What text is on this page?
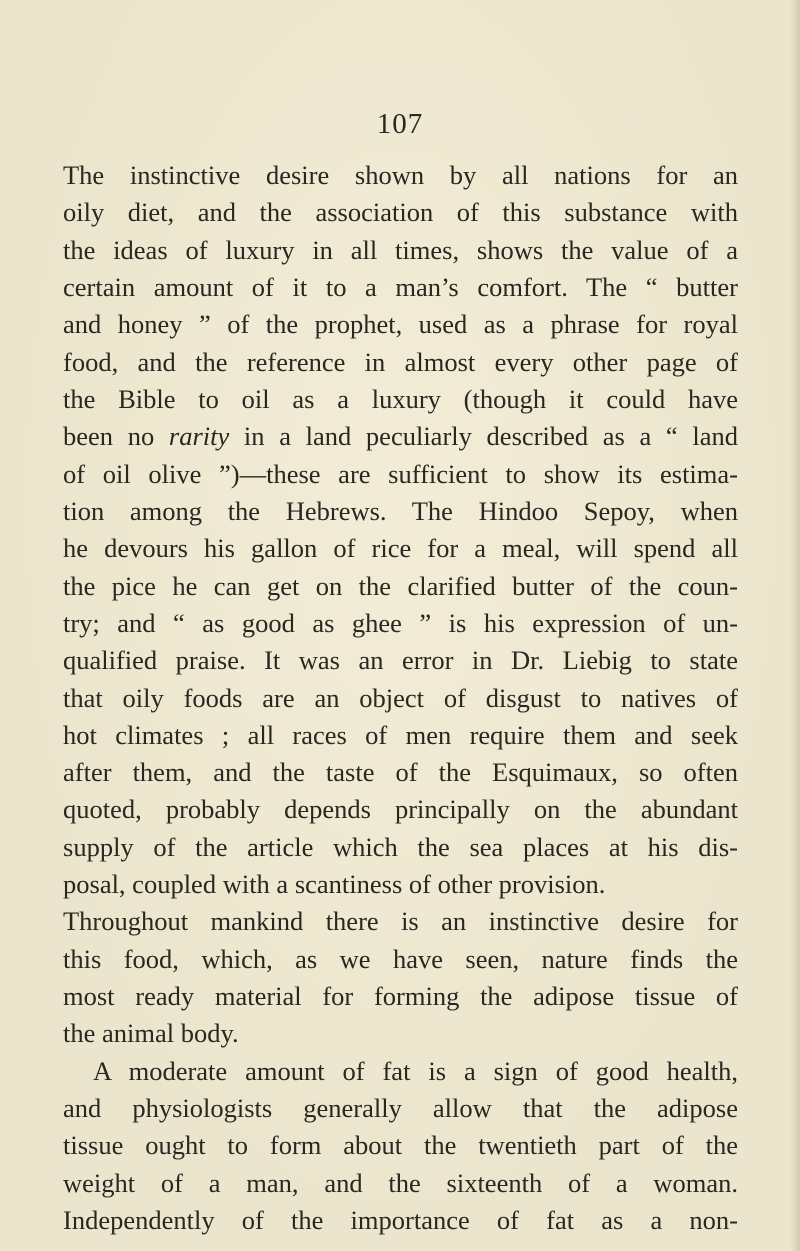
107
The instinctive desire shown by all nations for an
oily diet, and the association of this substance with
the ideas of luxury in all times, shows the value of a
certain amount of it to a man’s comfort. The “ butter
and honey ” of the prophet, used as a phrase for royal
food, and the reference in almost every other page of
the Bible to oil as a luxury (though it could have
been no rarity in a land peculiarly described as a “ land
of oil olive ”)—these are sufficient to show its estima-
tion among the Hebrews. The Hindoo Sepoy, when
he devours his gallon of rice for a meal, will spend all
the pice he can get on the clarified butter of the coun-
try; and “ as good as ghee ” is his expression of un-
qualified praise. It was an error in Dr. Liebig to state
that oily foods are an object of disgust to natives of
hot climates ; all races of men require them and seek
after them, and the taste of the Esquimaux, so often
quoted, probably depends principally on the abundant
supply of the article which the sea places at his dis-
posal, coupled with a scantiness of other provision.
Throughout mankind there is an instinctive desire for
this food, which, as we have seen, nature finds the
most ready material for forming the adipose tissue of
the animal body.
A moderate amount of fat is a sign of good health,
and physiologists generally allow that the adipose
tissue ought to form about the twentieth part of the
weight of a man, and the sixteenth of a woman.
Independently of the importance of fat as a non-
